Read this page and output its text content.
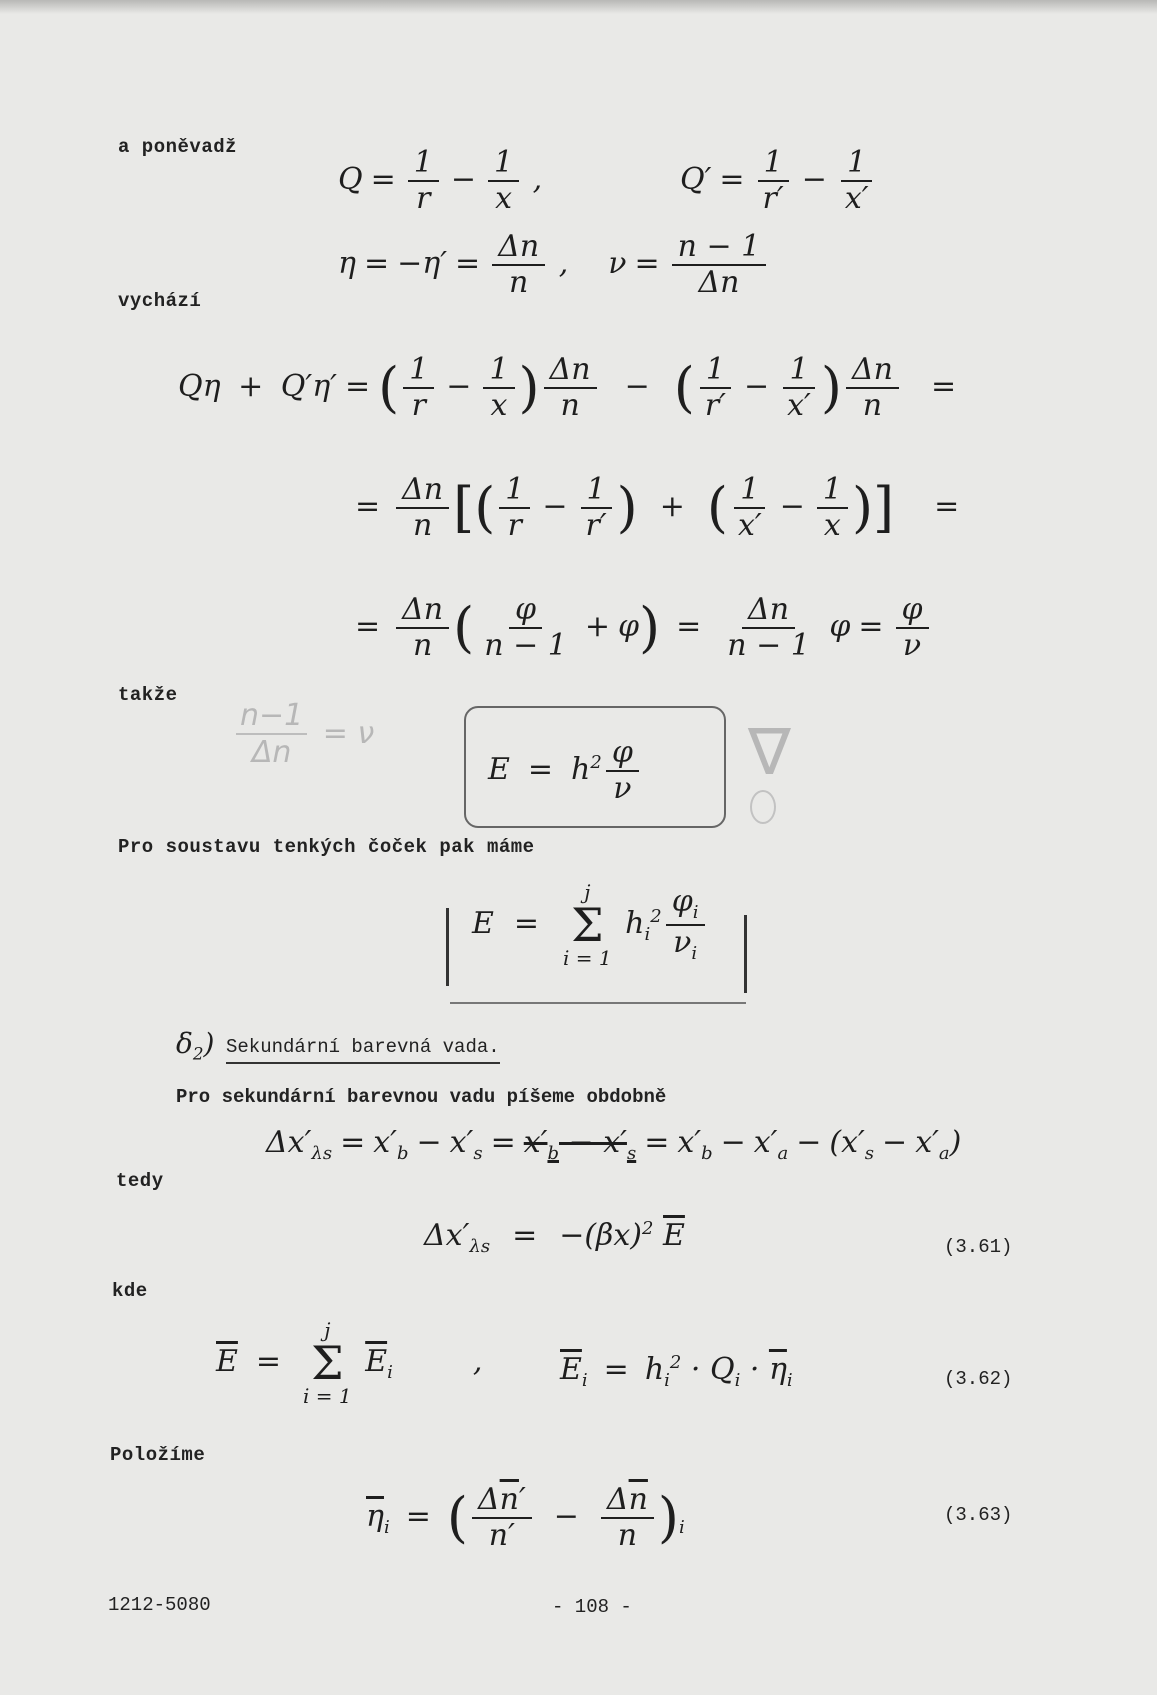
a poněvadž
$Q = \frac{1}{r} - \frac{1}{x}$ ,	$Q' = \frac{1}{r'} - \frac{1}{x'}$
$\eta = -\eta' = \frac{\Delta n}{n}$ , $\nu = \frac{n - 1}{\Delta n}$
vychází
Qη + Q′η′ = ( $\frac{1}{r} - \frac{1}{x}$ ) $\frac{\Delta n}{n}$ − ( $\frac{1}{r'} - \frac{1}{x'}$ ) $\frac{\Delta n}{n}$ =
= $\frac{\Delta n}{n}$ [( $\frac{1}{r} - \frac{1}{r'}$ ) + ( $\frac{1}{x'} - \frac{1}{x}$ )] =
= $\frac{\Delta n}{n}$ ( $\frac{\varphi}{n - 1} + \varphi) = \frac{\Delta n}{n - 1}$ $\varphi = \frac{\varphi}{\nu}$
takže
$\frac{n-1}{\Delta n} = \nu$	∇
$E = h^2 \frac{\varphi}{\nu}$
Pro soustavu tenkých čoček pak máme
E =
j
Σ
i = 1
$h_i^2 \frac{\varphi_i}{\nu_i}$
$\delta_2$) Sekundární barevná vada.
Pro sekundární barevnou vadu píšeme obdobně
$\Delta x'_{\lambda s} = x'_b - x'_s = x'_b - x'_s = x'_b - x'_a - (x'_s - x'_a)$
tedy
$\Delta x'_{\lambda s} = -(\beta x)^2$ $\overline{E}$	(3.61)
kde
$\overline{E}$ =
j
Σ
i = 1
$\overline{E}_i$	,	$\overline{E}_i = h_i^2 \cdot Q_i \cdot \overline{\eta}_i$	(3.62)
Položíme
$\overline{\eta}_i$ = ( $\frac{\Delta\overline{n}'}{n'} - \frac{\Delta\overline{n}}{n} )_i$
(3.63)
1212-5080	- 108 -
